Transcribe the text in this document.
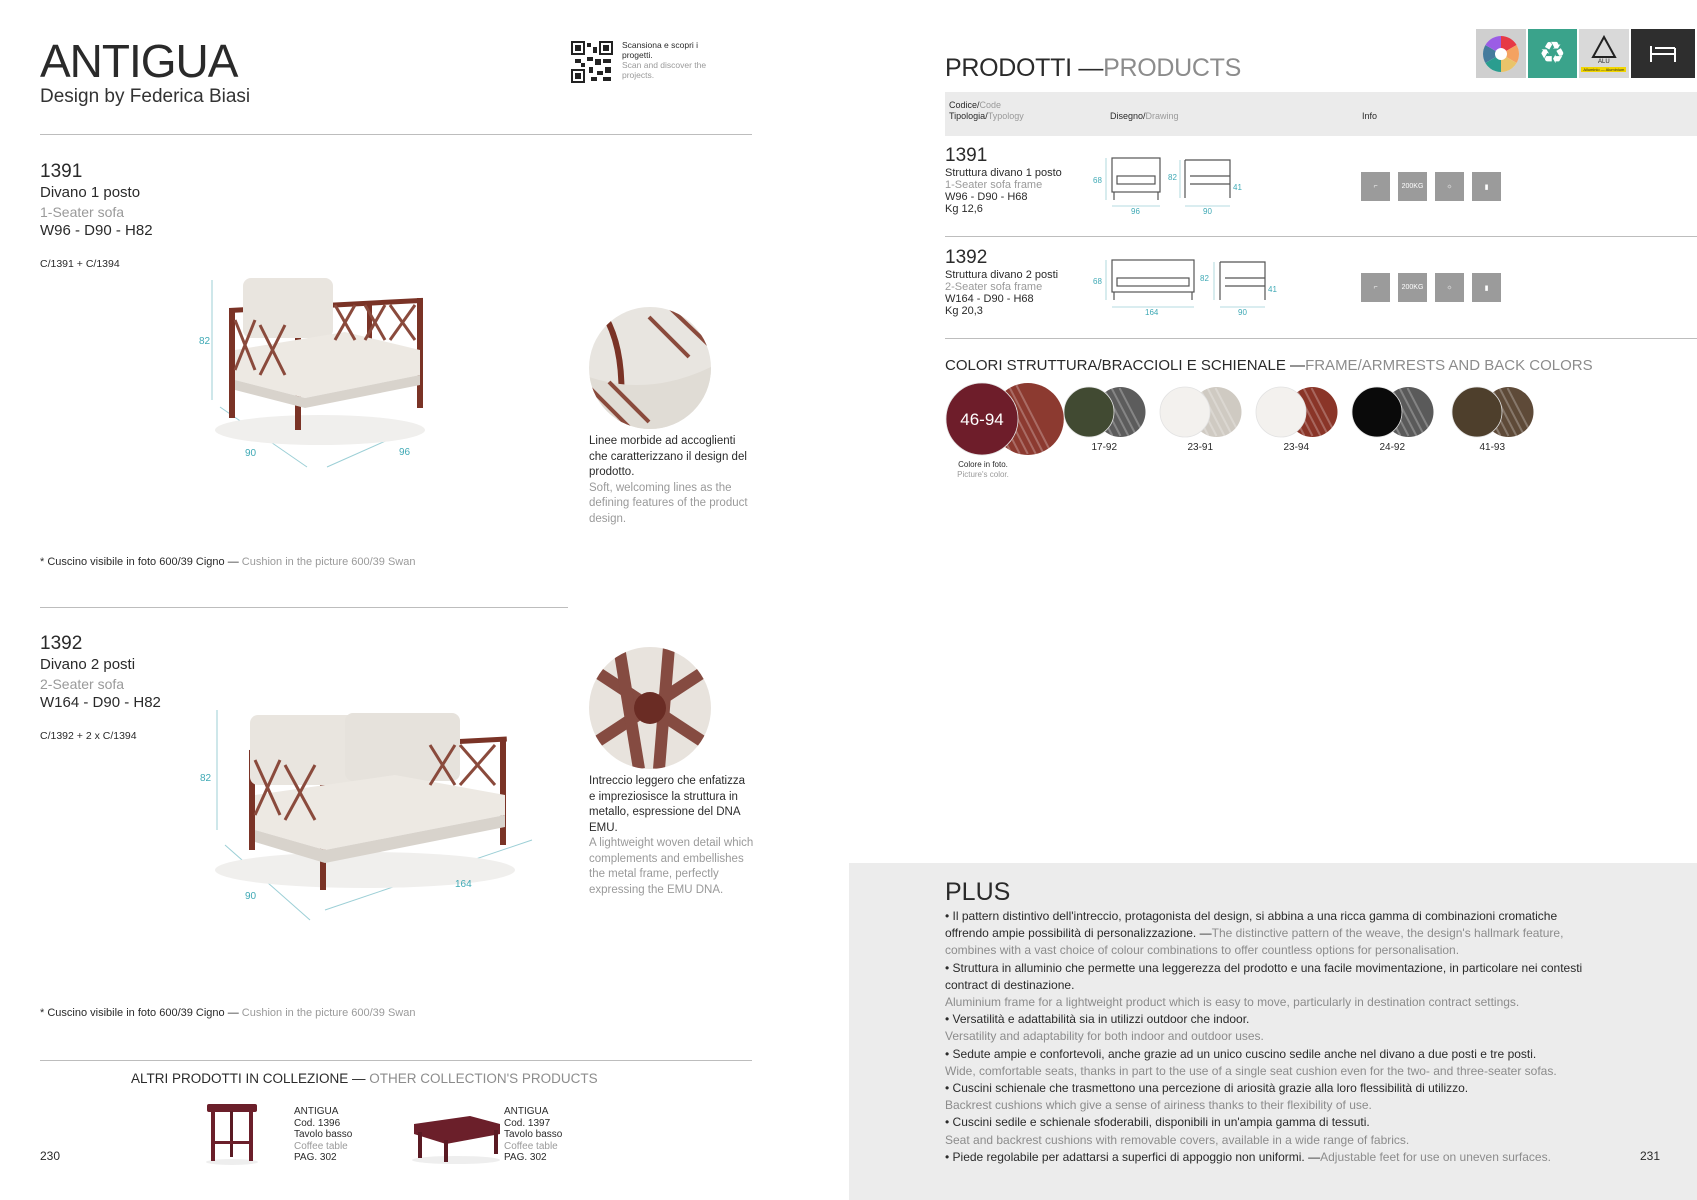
ANTIGUA
Design by Federica Biasi
Scansiona e scopri i progetti.
Scan and discover the projects.
1391
Divano 1 posto
1-Seater sofa
W96 - D90 - H82
C/1391 + C/1394
82
90	96
Linee morbide ad accoglienti che caratterizzano il design del prodotto.
Soft, welcoming lines as the defining features of the product design.
* Cuscino visibile in foto 600/39 Cigno — Cushion in the picture 600/39 Swan
1392
Divano 2 posti
2-Seater sofa
W164 - D90 - H82
C/1392 + 2 x C/1394
82
90
164
Intreccio leggero che enfatizza e impreziosisce la struttura in metallo, espressione del DNA EMU.
A lightweight woven detail which complements and embellishes the metal frame, perfectly expressing the EMU DNA.
* Cuscino visibile in foto 600/39 Cigno — Cushion in the picture 600/39 Swan
ALTRI PRODOTTI IN COLLEZIONE — OTHER COLLECTION'S PRODUCTS
ANTIGUA
Cod. 1396
Tavolo basso
Coffee table
PAG. 302
ANTIGUA
Cod. 1397
Tavolo basso
Coffee table
PAG. 302
230
♻	ALU
Alluminio — Aluminium
PRODOTTI —PRODUCTS
Codice/Code
Tipologia/Typology	Disegno/Drawing	Info
1391
Struttura divano 1 posto
1-Seater sofa frame
W96 - D90 - H68
Kg 12,6
68
96
82
41
90
⌐	200KG	☼	▮
1392
Struttura divano 2 posti
2-Seater sofa frame
W164 - D90 - H68
Kg 20,3
68
164
82
41
90
⌐	200KG	☼	▮
COLORI STRUTTURA/BRACCIOLI E SCHIENALE —FRAME/ARMRESTS AND BACK COLORS
46-94
Colore in foto.
Picture's color.
17-92	23-91	23-94	24-92	41-93
PLUS
• Il pattern distintivo dell'intreccio, protagonista del design, si abbina a una ricca gamma di combinazioni cromatiche offrendo ampie possibilità di personalizzazione. —The distinctive pattern of the weave, the design's hallmark feature, combines with a vast choice of colour combinations to offer countless options for personalisation.
• Struttura in alluminio che permette una leggerezza del prodotto e una facile movimentazione, in particolare nei contesti contract di destinazione.
Aluminium frame for a lightweight product which is easy to move, particularly in destination contract settings.
• Versatilità e adattabilità sia in utilizzi outdoor che indoor.
Versatility and adaptability for both indoor and outdoor uses.
• Sedute ampie e confortevoli, anche grazie ad un unico cuscino sedile anche nel divano a due posti e tre posti.
Wide, comfortable seats, thanks in part to the use of a single seat cushion even for the two- and three-seater sofas.
• Cuscini schienale che trasmettono una percezione di ariosità grazie alla loro flessibilità di utilizzo.
Backrest cushions which give a sense of airiness thanks to their flexibility of use.
• Cuscini sedile e schienale sfoderabili, disponibili in un'ampia gamma di tessuti.
Seat and backrest cushions with removable covers, available in a wide range of fabrics.
• Piede regolabile per adattarsi a superfici di appoggio non uniformi. —Adjustable feet for use on uneven surfaces.	231
